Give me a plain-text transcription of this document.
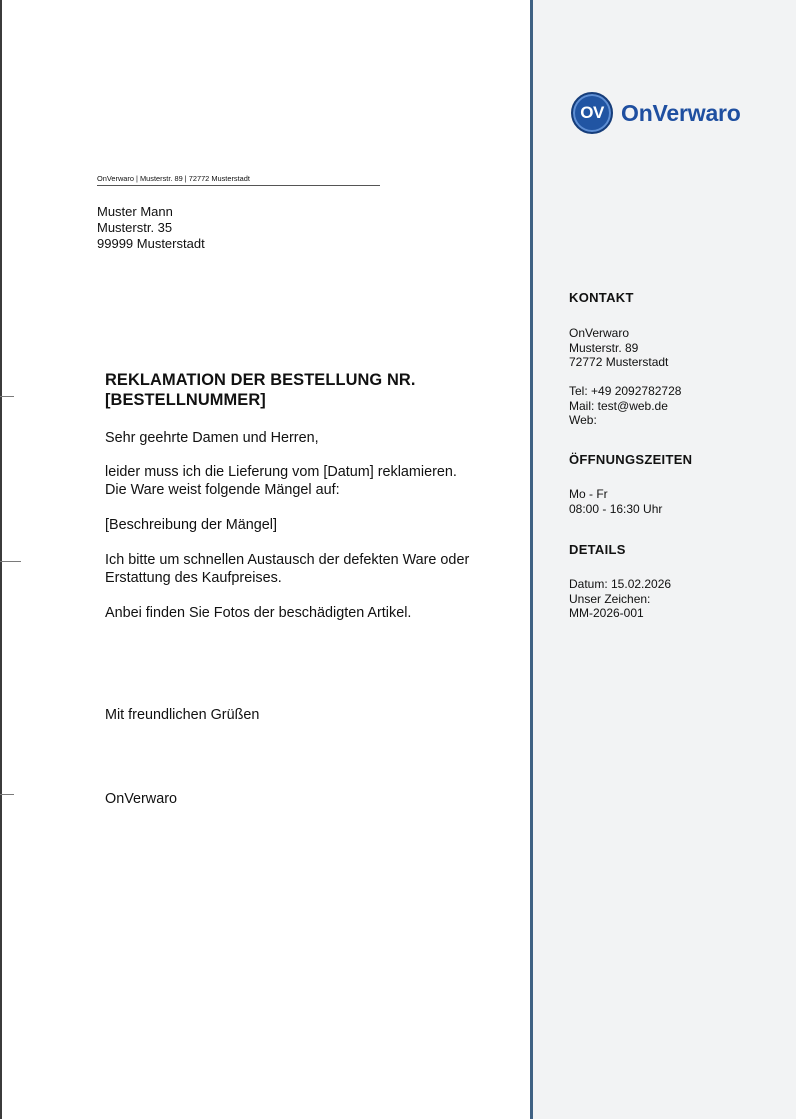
OV OnVerwaro
OnVerwaro | Musterstr. 89 | 72772 Musterstadt
Muster Mann
Musterstr. 35
99999 Musterstadt
REKLAMATION DER BESTELLUNG NR.
[BESTELLNUMMER]
Sehr geehrte Damen und Herren,
leider muss ich die Lieferung vom [Datum] reklamieren.
Die Ware weist folgende Mängel auf:
[Beschreibung der Mängel]
Ich bitte um schnellen Austausch der defekten Ware oder
Erstattung des Kaufpreises.
Anbei finden Sie Fotos der beschädigten Artikel.
Mit freundlichen Grüßen
OnVerwaro
KONTAKT
OnVerwaro
Musterstr. 89
72772 Musterstadt
Tel: +49 2092782728
Mail: test@web.de
Web:
ÖFFNUNGSZEITEN
Mo - Fr
08:00 - 16:30 Uhr
DETAILS
Datum: 15.02.2026
Unser Zeichen:
MM-2026-001
